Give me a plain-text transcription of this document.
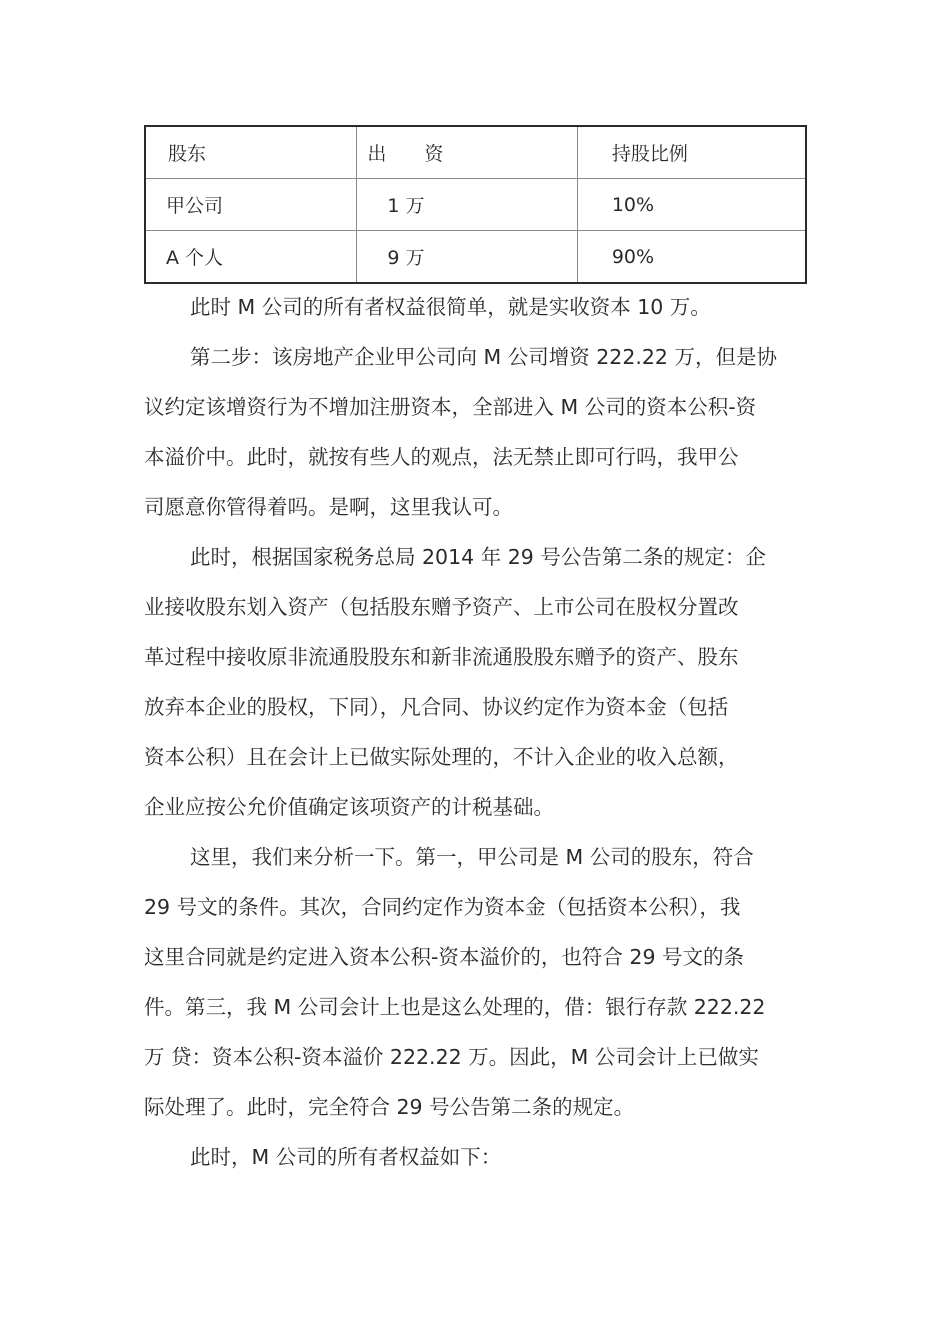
股东	出　　资	持股比例
甲公司	1 万	10%
A 个人	9 万	90%
此时 M 公司的所有者权益很简单，就是实收资本 10 万。
第二步：该房地产企业甲公司向 M 公司增资 222.22 万，但是协
议约定该增资行为不增加注册资本，全部进入 M 公司的资本公积-资
本溢价中。此时，就按有些人的观点，法无禁止即可行吗，我甲公
司愿意你管得着吗。是啊，这里我认可。
此时，根据国家税务总局 2014 年 29 号公告第二条的规定：企
业接收股东划入资产（包括股东赠予资产、上市公司在股权分置改
革过程中接收原非流通股股东和新非流通股股东赠予的资产、股东
放弃本企业的股权，下同），凡合同、协议约定作为资本金（包括
资本公积）且在会计上已做实际处理的，不计入企业的收入总额，
企业应按公允价值确定该项资产的计税基础。
这里，我们来分析一下。第一，甲公司是 M 公司的股东，符合
29 号文的条件。其次，合同约定作为资本金（包括资本公积），我
这里合同就是约定进入资本公积-资本溢价的，也符合 29 号文的条
件。第三，我 M 公司会计上也是这么处理的，借：银行存款 222.22
万 贷：资本公积-资本溢价 222.22 万。因此，M 公司会计上已做实
际处理了。此时，完全符合 29 号公告第二条的规定。
此时，M 公司的所有者权益如下：
